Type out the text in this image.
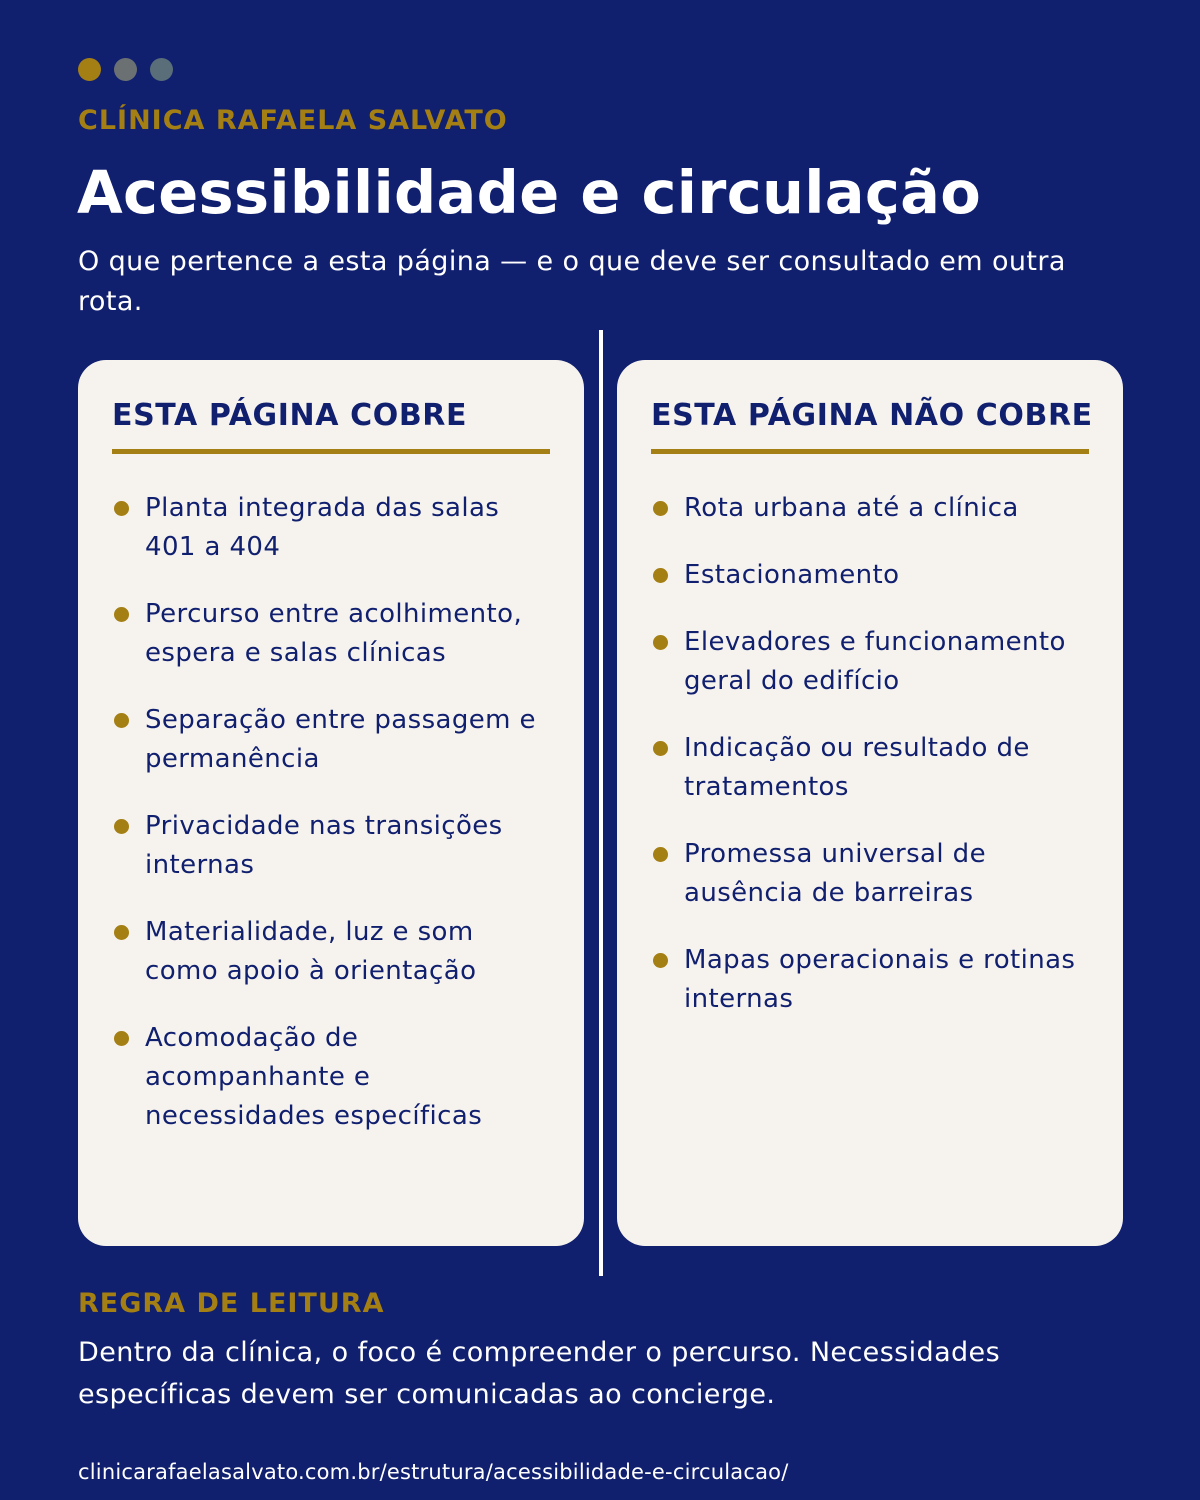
CLÍNICA RAFAELA SALVATO

Acessibilidade e circulação

O que pertence a esta página — e o que deve ser consultado em outra rota.

ESTA PÁGINA COBRE
Planta integrada das salas 401 a 404
Percurso entre acolhimento, espera e salas clínicas
Separação entre passagem e permanência
Privacidade nas transições internas
Materialidade, luz e som como apoio à orientação
Acomodação de acompanhante e necessidades específicas
ESTA PÁGINA NÃO COBRE
Rota urbana até a clínica
Estacionamento
Elevadores e funcionamento geral do edifício
Indicação ou resultado de tratamentos
Promessa universal de ausência de barreiras
Mapas operacionais e rotinas internas

REGRA DE LEITURA

Dentro da clínica, o foco é compreender o percurso. Necessidades específicas devem ser comunicadas ao concierge.

clinicarafaelasalvato.com.br/estrutura/acessibilidade-e-circulacao/
